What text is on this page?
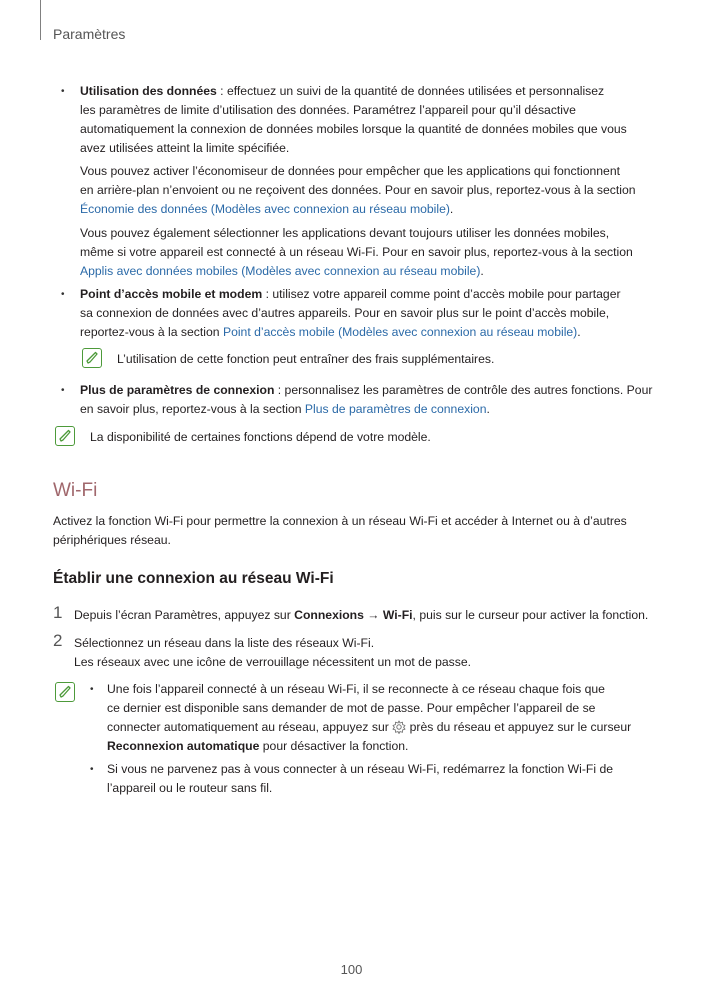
Paramètres
• Utilisation des données : effectuez un suivi de la quantité de données utilisées et personnalisez
les paramètres de limite d’utilisation des données. Paramétrez l’appareil pour qu’il désactive
automatiquement la connexion de données mobiles lorsque la quantité de données mobiles que vous
avez utilisées atteint la limite spécifiée.
Vous pouvez activer l’économiseur de données pour empêcher que les applications qui fonctionnent
en arrière-plan n’envoient ou ne reçoivent des données. Pour en savoir plus, reportez-vous à la section
Économie des données (Modèles avec connexion au réseau mobile).
Vous pouvez également sélectionner les applications devant toujours utiliser les données mobiles,
même si votre appareil est connecté à un réseau Wi-Fi. Pour en savoir plus, reportez-vous à la section
Applis avec données mobiles (Modèles avec connexion au réseau mobile).
• Point d’accès mobile et modem : utilisez votre appareil comme point d’accès mobile pour partager
sa connexion de données avec d’autres appareils. Pour en savoir plus sur le point d’accès mobile,
reportez-vous à la section Point d’accès mobile (Modèles avec connexion au réseau mobile).
L’utilisation de cette fonction peut entraîner des frais supplémentaires.
• Plus de paramètres de connexion : personnalisez les paramètres de contrôle des autres fonctions. Pour
en savoir plus, reportez-vous à la section Plus de paramètres de connexion.
La disponibilité de certaines fonctions dépend de votre modèle.
Wi-Fi
Activez la fonction Wi-Fi pour permettre la connexion à un réseau Wi-Fi et accéder à Internet ou à d’autres
périphériques réseau.
Établir une connexion au réseau Wi-Fi
1 Depuis l’écran Paramètres, appuyez sur Connexions → Wi-Fi, puis sur le curseur pour activer la fonction.
2 Sélectionnez un réseau dans la liste des réseaux Wi-Fi.
Les réseaux avec une icône de verrouillage nécessitent un mot de passe.
• Une fois l’appareil connecté à un réseau Wi-Fi, il se reconnecte à ce réseau chaque fois que
ce dernier est disponible sans demander de mot de passe. Pour empêcher l’appareil de se
connecter automatiquement au réseau, appuyez sur  près du réseau et appuyez sur le curseur
Reconnexion automatique pour désactiver la fonction.
• Si vous ne parvenez pas à vous connecter à un réseau Wi-Fi, redémarrez la fonction Wi-Fi de
l’appareil ou le routeur sans fil.
100
